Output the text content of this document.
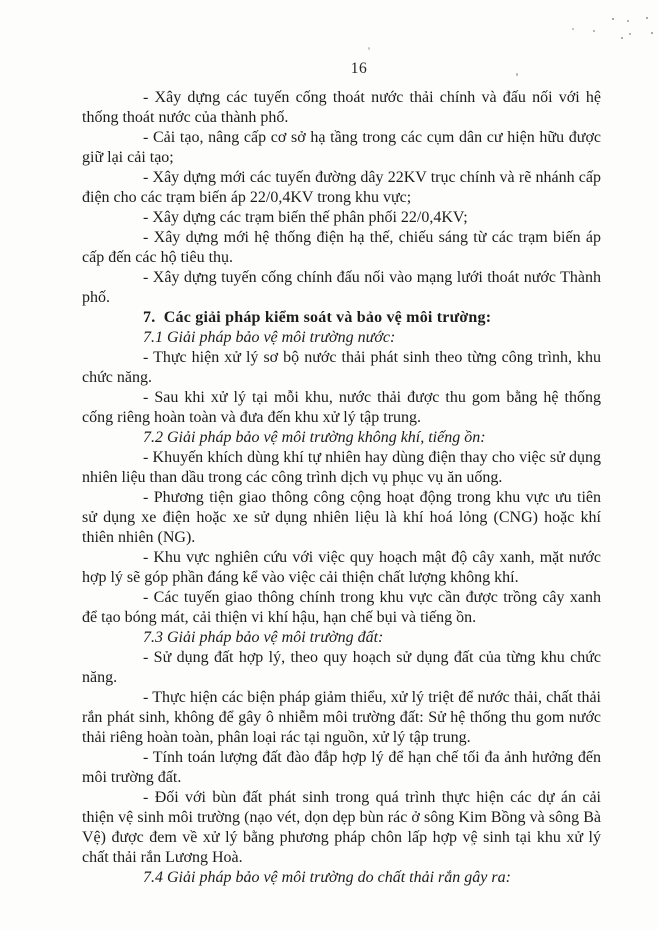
16

- Xây dựng các tuyến cống thoát nước thải chính và đấu nối với hệ thống thoát nước của thành phố.

- Cải tạo, nâng cấp cơ sở hạ tầng trong các cụm dân cư hiện hữu được giữ lại cải tạo;

- Xây dựng mới các tuyến đường dây 22KV trục chính và rẽ nhánh cấp điện cho các trạm biến áp 22/0,4KV trong khu vực;

- Xây dựng các trạm biến thế phân phối 22/0,4KV;

- Xây dựng mới hệ thống điện hạ thế, chiếu sáng từ các trạm biến áp cấp đến các hộ tiêu thụ.

- Xây dựng tuyến cống chính đấu nối vào mạng lưới thoát nước Thành phố.

7.  Các giải pháp kiểm soát và bảo vệ môi trường:

7.1 Giải pháp bảo vệ môi trường nước:

- Thực hiện xử lý sơ bộ nước thải phát sinh theo từng công trình, khu chức năng.

- Sau khi xử lý tại mỗi khu, nước thải được thu gom bằng hệ thống cống riêng hoàn toàn và đưa đến khu xử lý tập trung.

7.2 Giải pháp bảo vệ môi trường không khí, tiếng ồn:

- Khuyến khích dùng khí tự nhiên hay dùng điện thay cho việc sử dụng nhiên liệu than dầu trong các công trình dịch vụ phục vụ ăn uống.

- Phương tiện giao thông công cộng hoạt động trong khu vực ưu tiên sử dụng xe điện hoặc xe sử dụng nhiên liệu là khí hoá lỏng (CNG) hoặc khí thiên nhiên (NG).

- Khu vực nghiên cứu với việc quy hoạch mật độ cây xanh, mặt nước hợp lý sẽ góp phần đáng kể vào việc cải thiện chất lượng không khí.

- Các tuyến giao thông chính trong khu vực cần được trồng cây xanh để tạo bóng mát, cải thiện vi khí hậu, hạn chế bụi và tiếng ồn.

7.3 Giải pháp bảo vệ môi trường đất:

- Sử dụng đất hợp lý, theo quy hoạch sử dụng đất của từng khu chức năng.

- Thực hiện các biện pháp giảm thiểu, xử lý triệt để nước thải, chất thải rắn phát sinh, không để gây ô nhiễm môi trường đất: Sử hệ thống thu gom nước thải riêng hoàn toàn, phân loại rác tại nguồn, xử lý tập trung.

- Tính toán lượng đất đào đắp hợp lý để hạn chế tối đa ảnh hưởng đến môi trường đất.

- Đối với bùn đất phát sinh trong quá trình thực hiện các dự án cải thiện vệ sinh môi trường (nạo vét, dọn dẹp bùn rác ở sông Kim Bồng và sông Bà Vệ) được đem về xử lý bằng phương pháp chôn lấp hợp vệ sinh tại khu xử lý chất thải rắn Lương Hoà.

7.4 Giải pháp bảo vệ môi trường do chất thải rắn gây ra:
